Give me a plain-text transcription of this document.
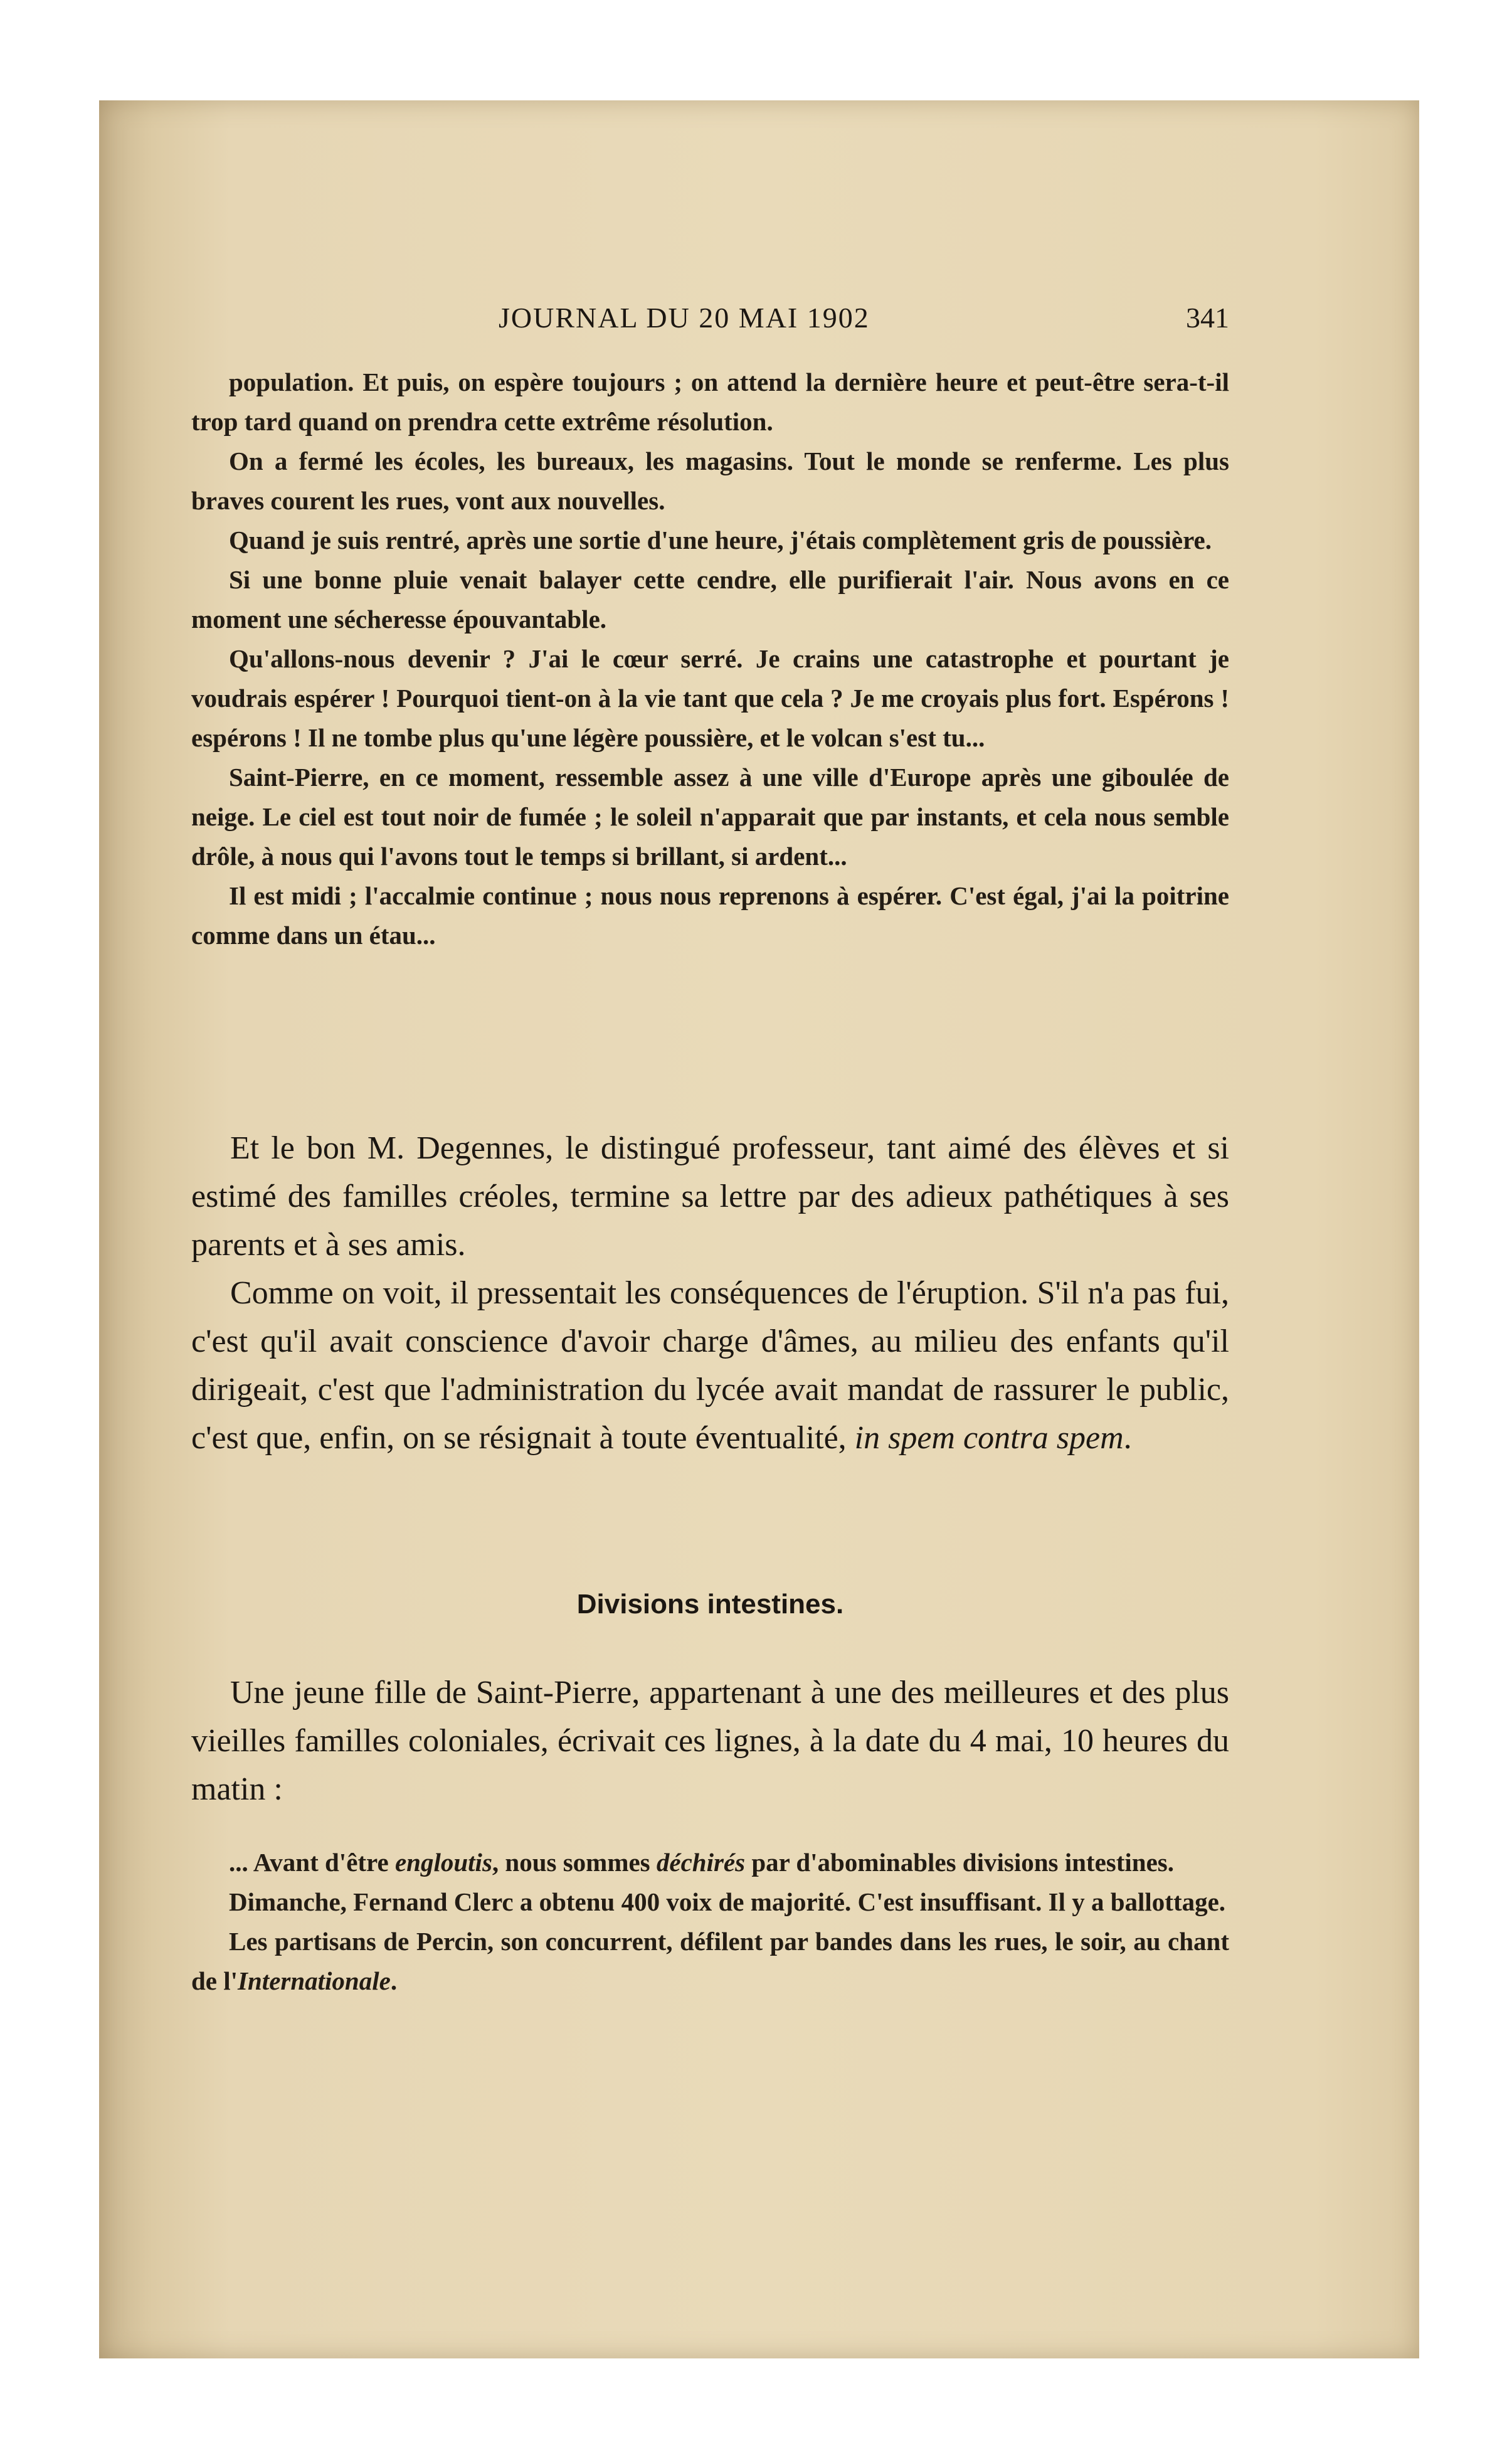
JOURNAL DU 20 MAI 1902	341

population. Et puis, on espère toujours ; on attend la dernière heure et peut-être sera-t-il trop tard quand on prendra cette extrême résolution.

On a fermé les écoles, les bureaux, les magasins. Tout le monde se renferme. Les plus braves courent les rues, vont aux nouvelles.

Quand je suis rentré, après une sortie d'une heure, j'étais complètement gris de poussière.

Si une bonne pluie venait balayer cette cendre, elle purifierait l'air. Nous avons en ce moment une sécheresse épouvantable.

Qu'allons-nous devenir ? J'ai le cœur serré. Je crains une catastrophe et pourtant je voudrais espérer ! Pourquoi tient-on à la vie tant que cela ? Je me croyais plus fort. Espérons ! espérons ! Il ne tombe plus qu'une légère poussière, et le volcan s'est tu...

Saint-Pierre, en ce moment, ressemble assez à une ville d'Europe après une giboulée de neige. Le ciel est tout noir de fumée ; le soleil n'apparait que par instants, et cela nous semble drôle, à nous qui l'avons tout le temps si brillant, si ardent...

Il est midi ; l'accalmie continue ; nous nous reprenons à espérer. C'est égal, j'ai la poitrine comme dans un étau...

Et le bon M. Degennes, le distingué professeur, tant aimé des élèves et si estimé des familles créoles, termine sa lettre par des adieux pathétiques à ses parents et à ses amis.

Comme on voit, il pressentait les conséquences de l'éruption. S'il n'a pas fui, c'est qu'il avait conscience d'avoir charge d'âmes, au milieu des enfants qu'il dirigeait, c'est que l'administration du lycée avait mandat de rassurer le public, c'est que, enfin, on se résignait à toute éventualité, in spem contra spem.

Divisions intestines.

Une jeune fille de Saint-Pierre, appartenant à une des meilleures et des plus vieilles familles coloniales, écrivait ces lignes, à la date du 4 mai, 10 heures du matin :

... Avant d'être engloutis, nous sommes déchirés par d'abominables divisions intestines.

Dimanche, Fernand Clerc a obtenu 400 voix de majorité. C'est insuffisant. Il y a ballottage.

Les partisans de Percin, son concurrent, défilent par bandes dans les rues, le soir, au chant de l'Internationale.
